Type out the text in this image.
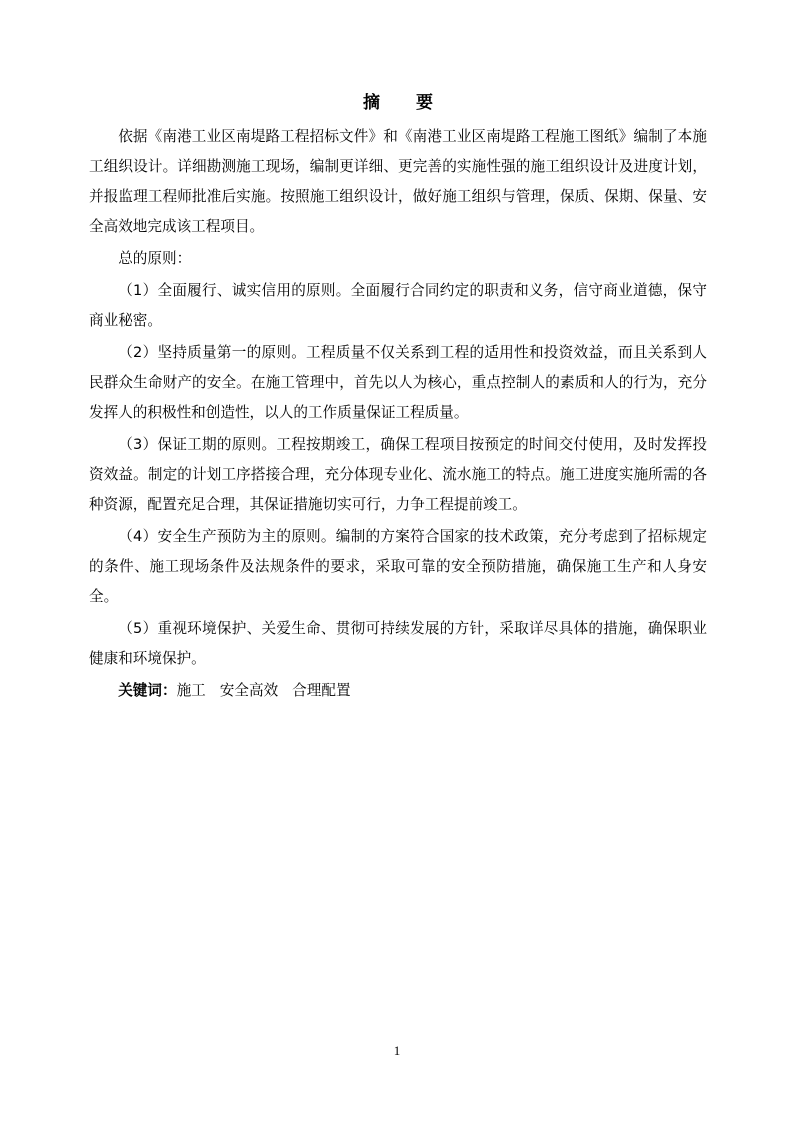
摘 要

依据《南港工业区南堤路工程招标文件》和《南港工业区南堤路工程施工图纸》编制了本施工组织设计。详细勘测施工现场，编制更详细、更完善的实施性强的施工组织设计及进度计划，并报监理工程师批准后实施。按照施工组织设计，做好施工组织与管理，保质、保期、保量、安全高效地完成该工程项目。

总的原则：

（1）全面履行、诚实信用的原则。全面履行合同约定的职责和义务，信守商业道德，保守商业秘密。

（2）坚持质量第一的原则。工程质量不仅关系到工程的适用性和投资效益，而且关系到人民群众生命财产的安全。在施工管理中，首先以人为核心，重点控制人的素质和人的行为，充分发挥人的积极性和创造性，以人的工作质量保证工程质量。

（3）保证工期的原则。工程按期竣工，确保工程项目按预定的时间交付使用，及时发挥投资效益。制定的计划工序搭接合理，充分体现专业化、流水施工的特点。施工进度实施所需的各种资源，配置充足合理，其保证措施切实可行，力争工程提前竣工。

（4）安全生产预防为主的原则。编制的方案符合国家的技术政策，充分考虑到了招标规定的条件、施工现场条件及法规条件的要求，采取可靠的安全预防措施，确保施工生产和人身安全。

（5）重视环境保护、关爱生命、贯彻可持续发展的方针，采取详尽具体的措施，确保职业健康和环境保护。

关键词：施工 安全高效 合理配置

1
